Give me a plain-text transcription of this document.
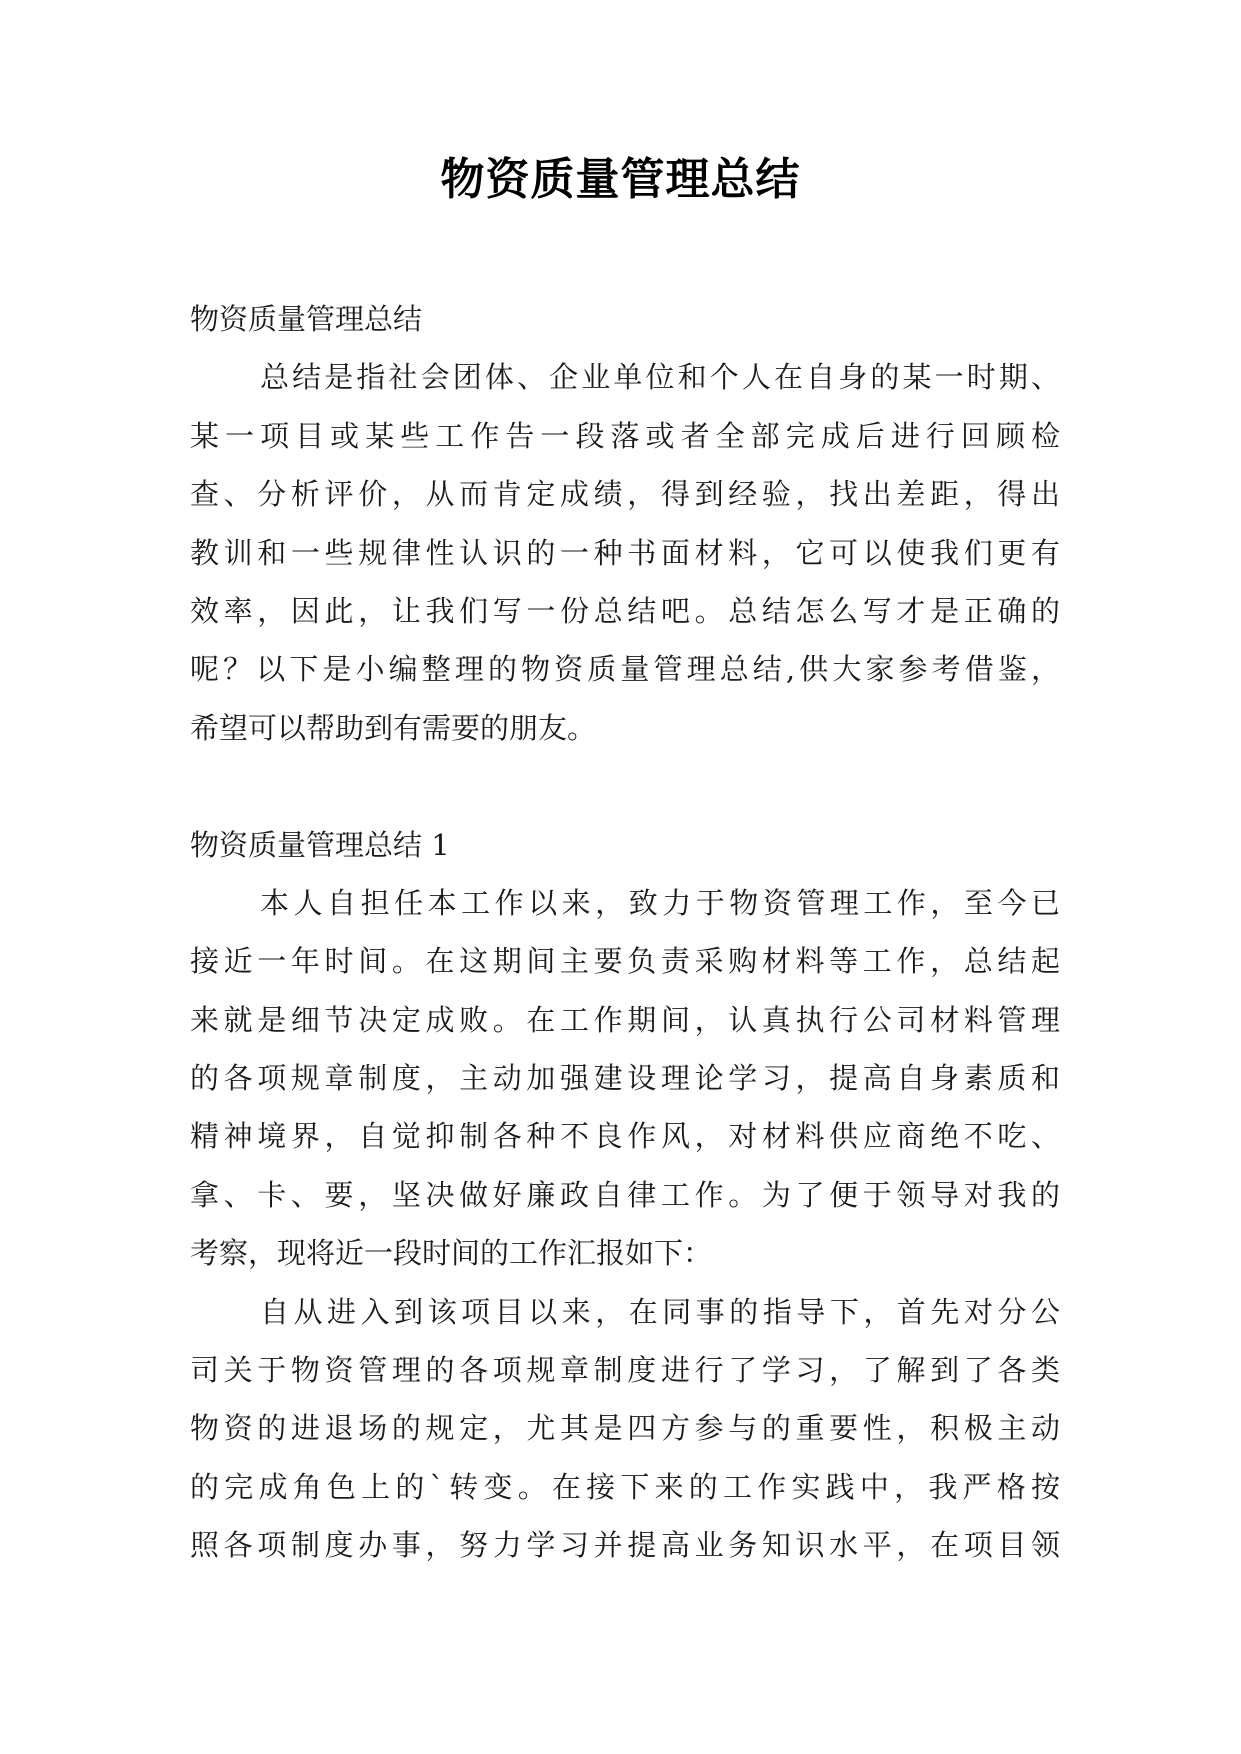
物资质量管理总结
物资质量管理总结
总结是指社会团体、企业单位和个人在自身的某一时期、
某一项目或某些工作告一段落或者全部完成后进行回顾检
查、分析评价，从而肯定成绩，得到经验，找出差距，得出
教训和一些规律性认识的一种书面材料，它可以使我们更有
效率，因此，让我们写一份总结吧。总结怎么写才是正确的
呢？以下是小编整理的物资质量管理总结,供大家参考借鉴，
希望可以帮助到有需要的朋友。
物资质量管理总结 1
本人自担任本工作以来，致力于物资管理工作，至今已
接近一年时间。在这期间主要负责采购材料等工作，总结起
来就是细节决定成败。在工作期间，认真执行公司材料管理
的各项规章制度，主动加强建设理论学习，提高自身素质和
精神境界，自觉抑制各种不良作风，对材料供应商绝不吃、
拿、卡、要，坚决做好廉政自律工作。为了便于领导对我的
考察，现将近一段时间的工作汇报如下：
自从进入到该项目以来，在同事的指导下，首先对分公
司关于物资管理的各项规章制度进行了学习，了解到了各类
物资的进退场的规定，尤其是四方参与的重要性，积极主动
的完成角色上的`转变。在接下来的工作实践中，我严格按
照各项制度办事，努力学习并提高业务知识水平，在项目领
